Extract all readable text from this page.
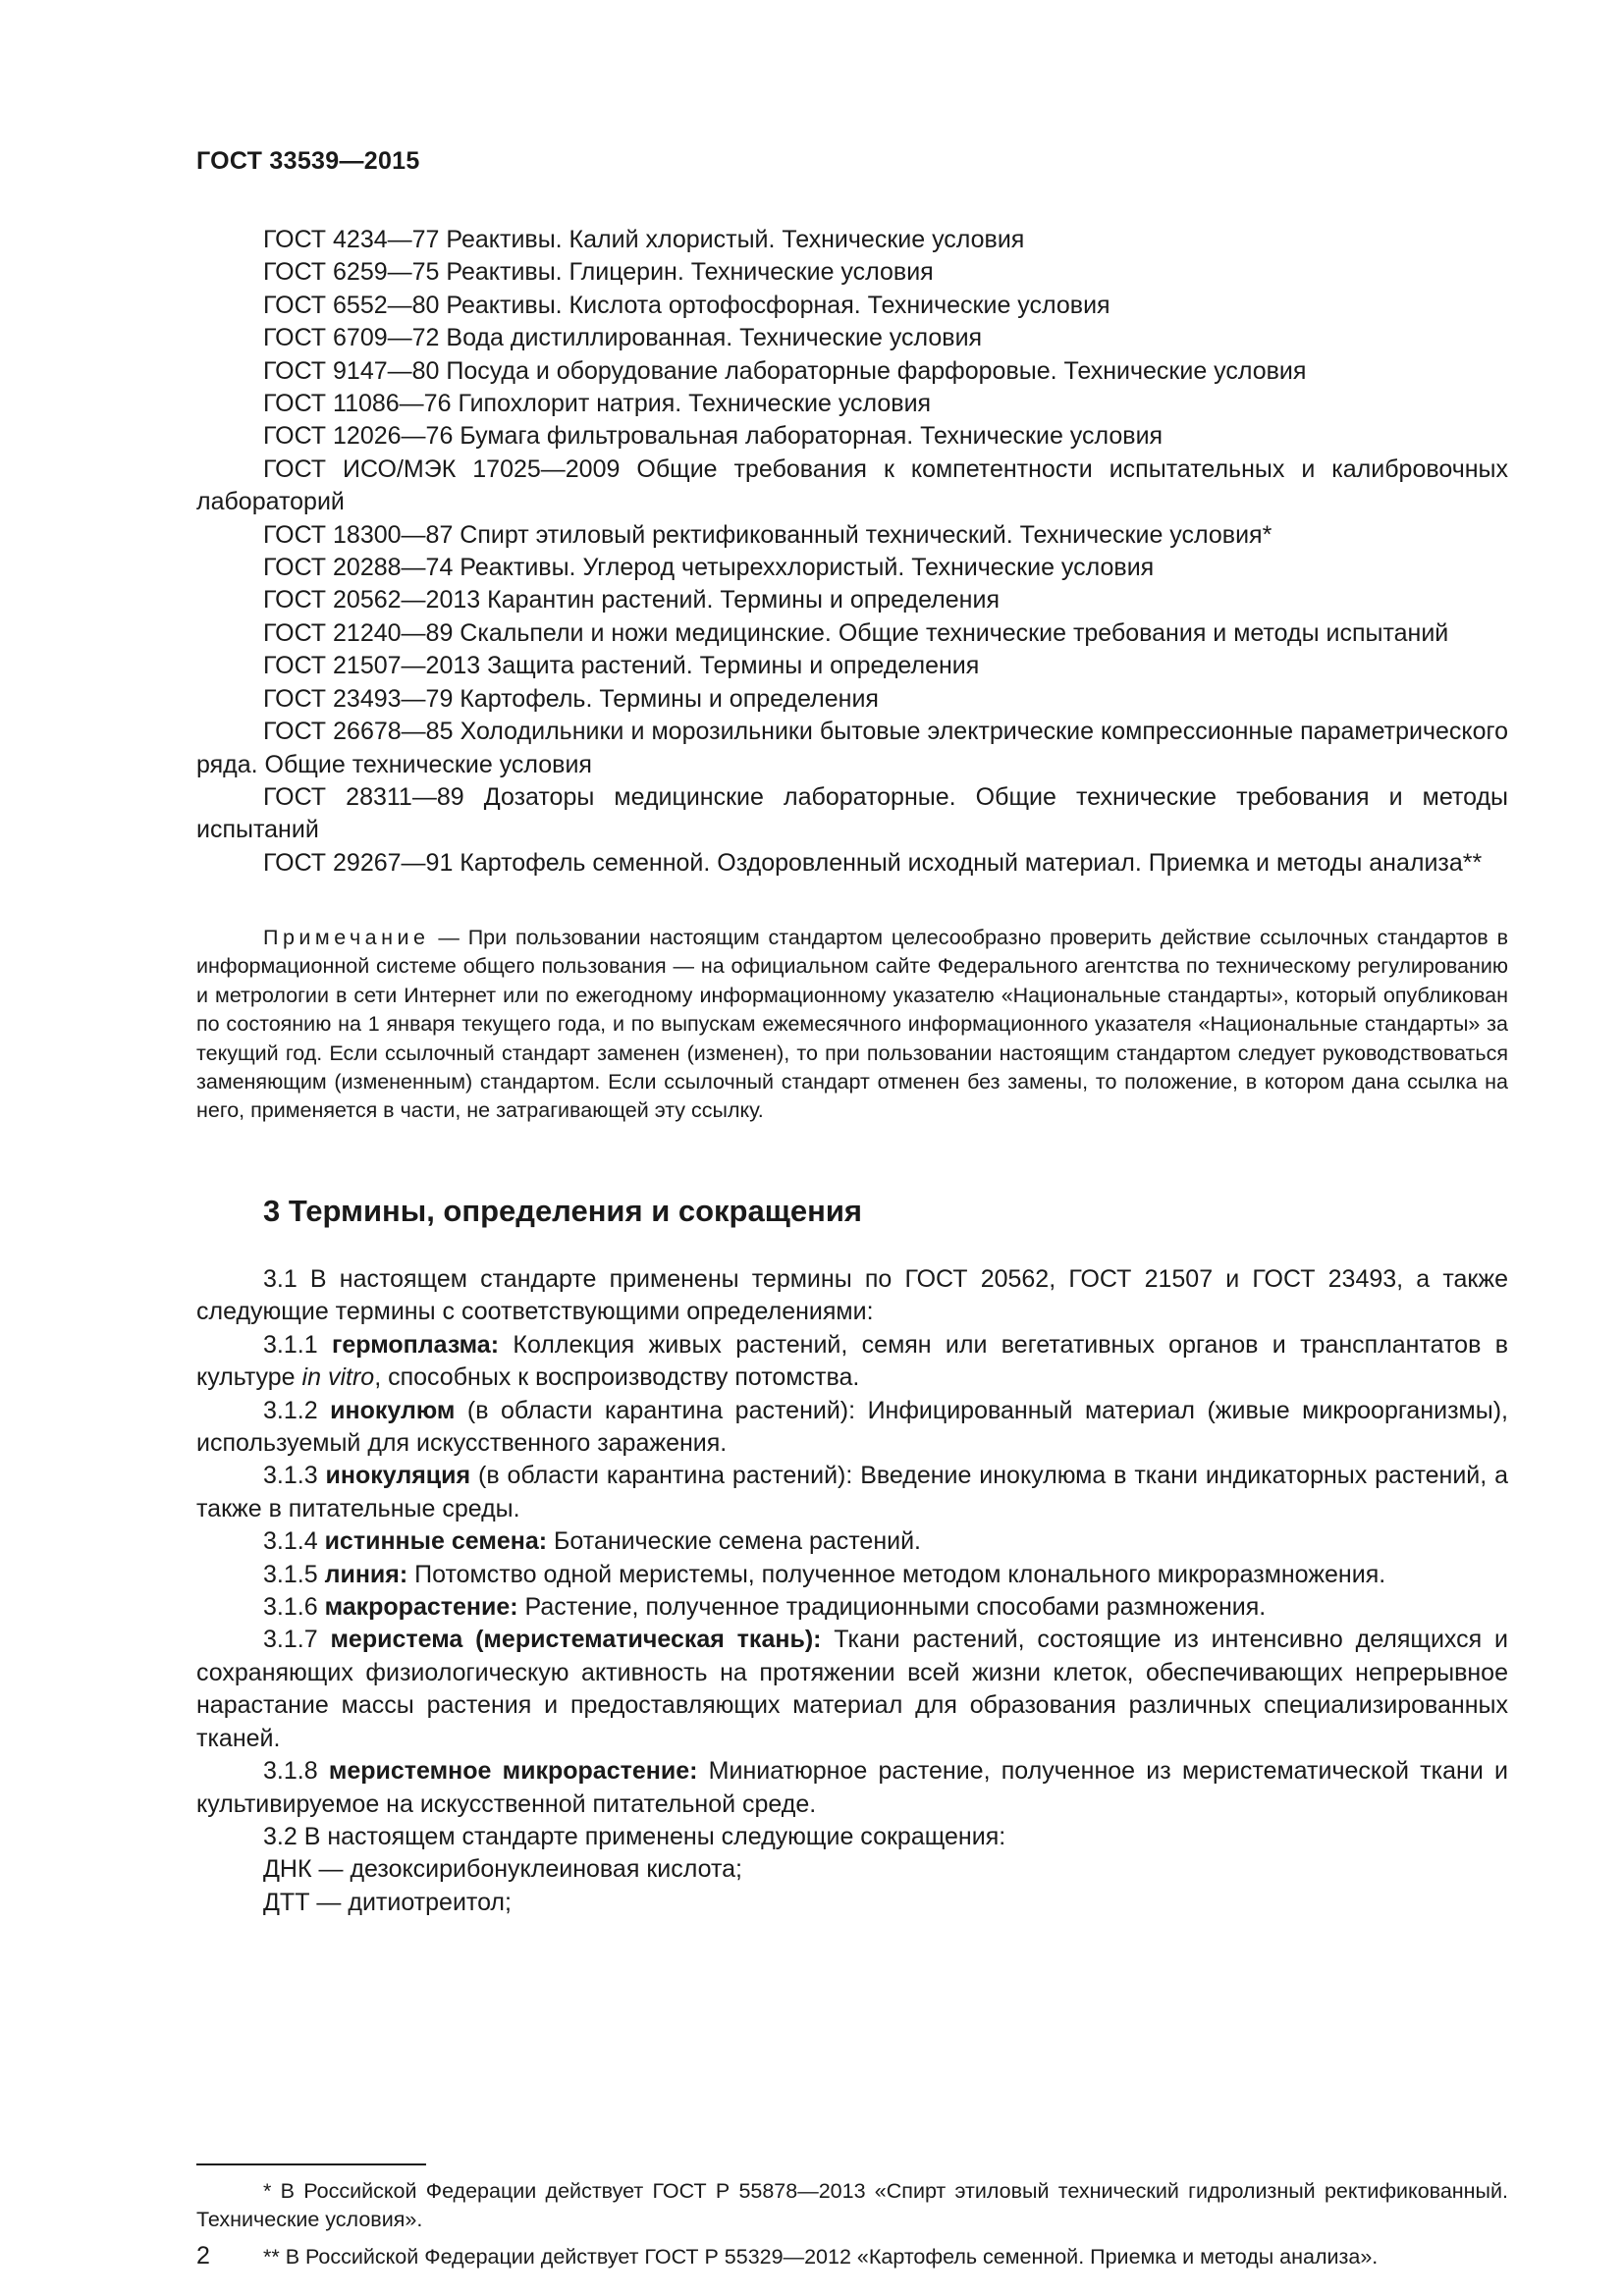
ГОСТ 33539—2015

ГОСТ 4234—77 Реактивы. Калий хлористый. Технические условия

ГОСТ 6259—75 Реактивы. Глицерин. Технические условия

ГОСТ 6552—80 Реактивы. Кислота ортофосфорная. Технические условия

ГОСТ 6709—72 Вода дистиллированная. Технические условия

ГОСТ 9147—80 Посуда и оборудование лабораторные фарфоровые. Технические условия

ГОСТ 11086—76 Гипохлорит натрия. Технические условия

ГОСТ 12026—76 Бумага фильтровальная лабораторная. Технические условия

ГОСТ ИСО/МЭК 17025—2009 Общие требования к компетентности испытательных и калибровочных лабораторий

ГОСТ 18300—87 Спирт этиловый ректификованный технический. Технические условия*

ГОСТ 20288—74 Реактивы. Углерод четыреххлористый. Технические условия

ГОСТ 20562—2013 Карантин растений. Термины и определения

ГОСТ 21240—89 Скальпели и ножи медицинские. Общие технические требования и методы испытаний

ГОСТ 21507—2013 Защита растений. Термины и определения

ГОСТ 23493—79 Картофель. Термины и определения

ГОСТ 26678—85 Холодильники и морозильники бытовые электрические компрессионные параметрического ряда. Общие технические условия

ГОСТ 28311—89 Дозаторы медицинские лабораторные. Общие технические требования и методы испытаний

ГОСТ 29267—91 Картофель семенной. Оздоровленный исходный материал. Приемка и методы анализа**

Примечание — При пользовании настоящим стандартом целесообразно проверить действие ссылочных стандартов в информационной системе общего пользования — на официальном сайте Федерального агентства по техническому регулированию и метрологии в сети Интернет или по ежегодному информационному указателю «Национальные стандарты», который опубликован по состоянию на 1 января текущего года, и по выпускам ежемесячного информационного указателя «Национальные стандарты» за текущий год. Если ссылочный стандарт заменен (изменен), то при пользовании настоящим стандартом следует руководствоваться заменяющим (измененным) стандартом. Если ссылочный стандарт отменен без замены, то положение, в котором дана ссылка на него, применяется в части, не затрагивающей эту ссылку.
3 Термины, определения и сокращения

3.1 В настоящем стандарте применены термины по ГОСТ 20562, ГОСТ 21507 и ГОСТ 23493, а также следующие термины с соответствующими определениями:

3.1.1 гермоплазма: Коллекция живых растений, семян или вегетативных органов и трансплантатов в культуре in vitro, способных к воспроизводству потомства.

3.1.2 инокулюм (в области карантина растений): Инфицированный материал (живые микроорганизмы), используемый для искусственного заражения.

3.1.3 инокуляция (в области карантина растений): Введение инокулюма в ткани индикаторных растений, а также в питательные среды.

3.1.4 истинные семена: Ботанические семена растений.

3.1.5 линия: Потомство одной меристемы, полученное методом клонального микроразмножения.

3.1.6 макрорастение: Растение, полученное традиционными способами размножения.

3.1.7 меристема (меристематическая ткань): Ткани растений, состоящие из интенсивно делящихся и сохраняющих физиологическую активность на протяжении всей жизни клеток, обеспечивающих непрерывное нарастание массы растения и предоставляющих материал для образования различных специализированных тканей.

3.1.8 меристемное микрорастение: Миниатюрное растение, полученное из меристематической ткани и культивируемое на искусственной питательной среде.

3.2 В настоящем стандарте применены следующие сокращения:

ДНК — дезоксирибонуклеиновая кислота;

ДТТ — дитиотреитол;

* В Российской Федерации действует ГОСТ Р 55878—2013 «Спирт этиловый технический гидролизный ректификованный. Технические условия».

** В Российской Федерации действует ГОСТ Р 55329—2012 «Картофель семенной. Приемка и методы анализа».

2
